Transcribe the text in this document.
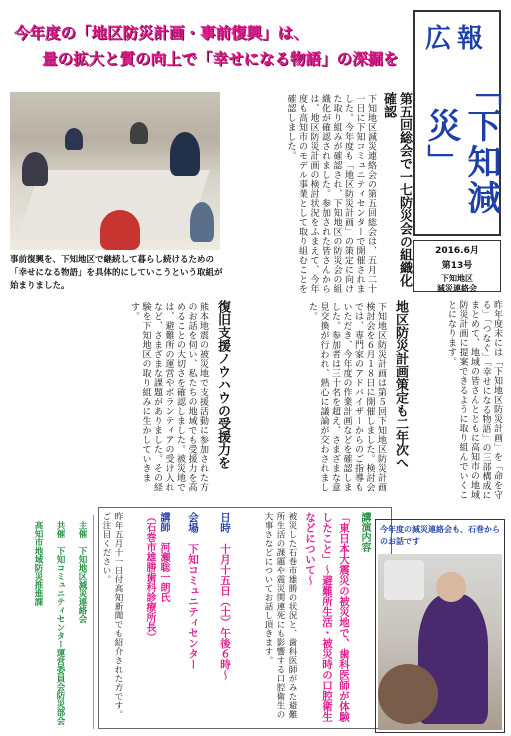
今年度の「地区防災計画・事前復興」は、
量の拡大と質の向上で「幸せになる物語」の深掘を
広報
「下知減災」
2016.6月
第13号
下知地区
減災連絡会
事前復興を、下知地区で継続して暮らし続けるための「幸せになる物語」を具体的にしていこうという取組が始まりました。	第五回総会で一七防災会の組織化確認
下知地区減災連絡会の第五回総会は、五月二十一日に下知コミュニティセンターで開催されました。今年度も「地区防災計画」の策定に向けた取り組みが確認され、下知地区の防災会の組織化が確認されました。参加された皆さんからは、地区防災計画の検討状況をふまえて、今年度も高知市のモデル事業として取り組むことを確認しました。
昨年度末には「下知地区防災計画」を「命を守る」「つなぐ」「幸せになる物語」の三部構成にまとめて、地域の皆さんとともに高知市の地域防災計画に提案できるように取り組んでいくことになります。
地区防災計画策定も二年次へ
下知地区防災計画は第５回下知地区防災計画検討会を６月１８日に開催しました。検討会では、専門家のアドバイザーからのご指導もいただき、今年度の作業計画などを確認しました。参加者は三十名を超え、さまざまな意見交換が行われ、熱心に議論が交わされました。
復旧支援ノウハウの受援力を
熊本地震の被災地で支援活動に参加された方のお話を伺い、私たちの地域でも受援力を高めることの大切さを確認しました。被災地では、避難所の運営やボランティアの受け入れなど、さまざまな課題がありました。その経験を下知地区の取り組みに生かしていきます。
講演内容
「東日本大震災の被災地で、歯科医師が体験したこと」〜避難所生活・被災時の口腔衛生などについて〜
被災した石巻市雄勝の状況と、歯科医師がみた避難所生活の課題や震災関連死にも影響する口腔衛生の大事さなどについてお話し頂きます。
日時　十月十五日（土）午後６時〜
会場　下知コミュニティセンター
講師　河瀬聡一朗氏
（石巻市雄勝歯科診療所長）
昨年五月十一日付高知新聞でも紹介された方です。ご注目ください。
主催　下知地区減災連絡会
共催　下知コミュニティセンター運営委員会防災部会
高知市地域防災推進課	今年度の減災連絡会も、石巻からのお話です
